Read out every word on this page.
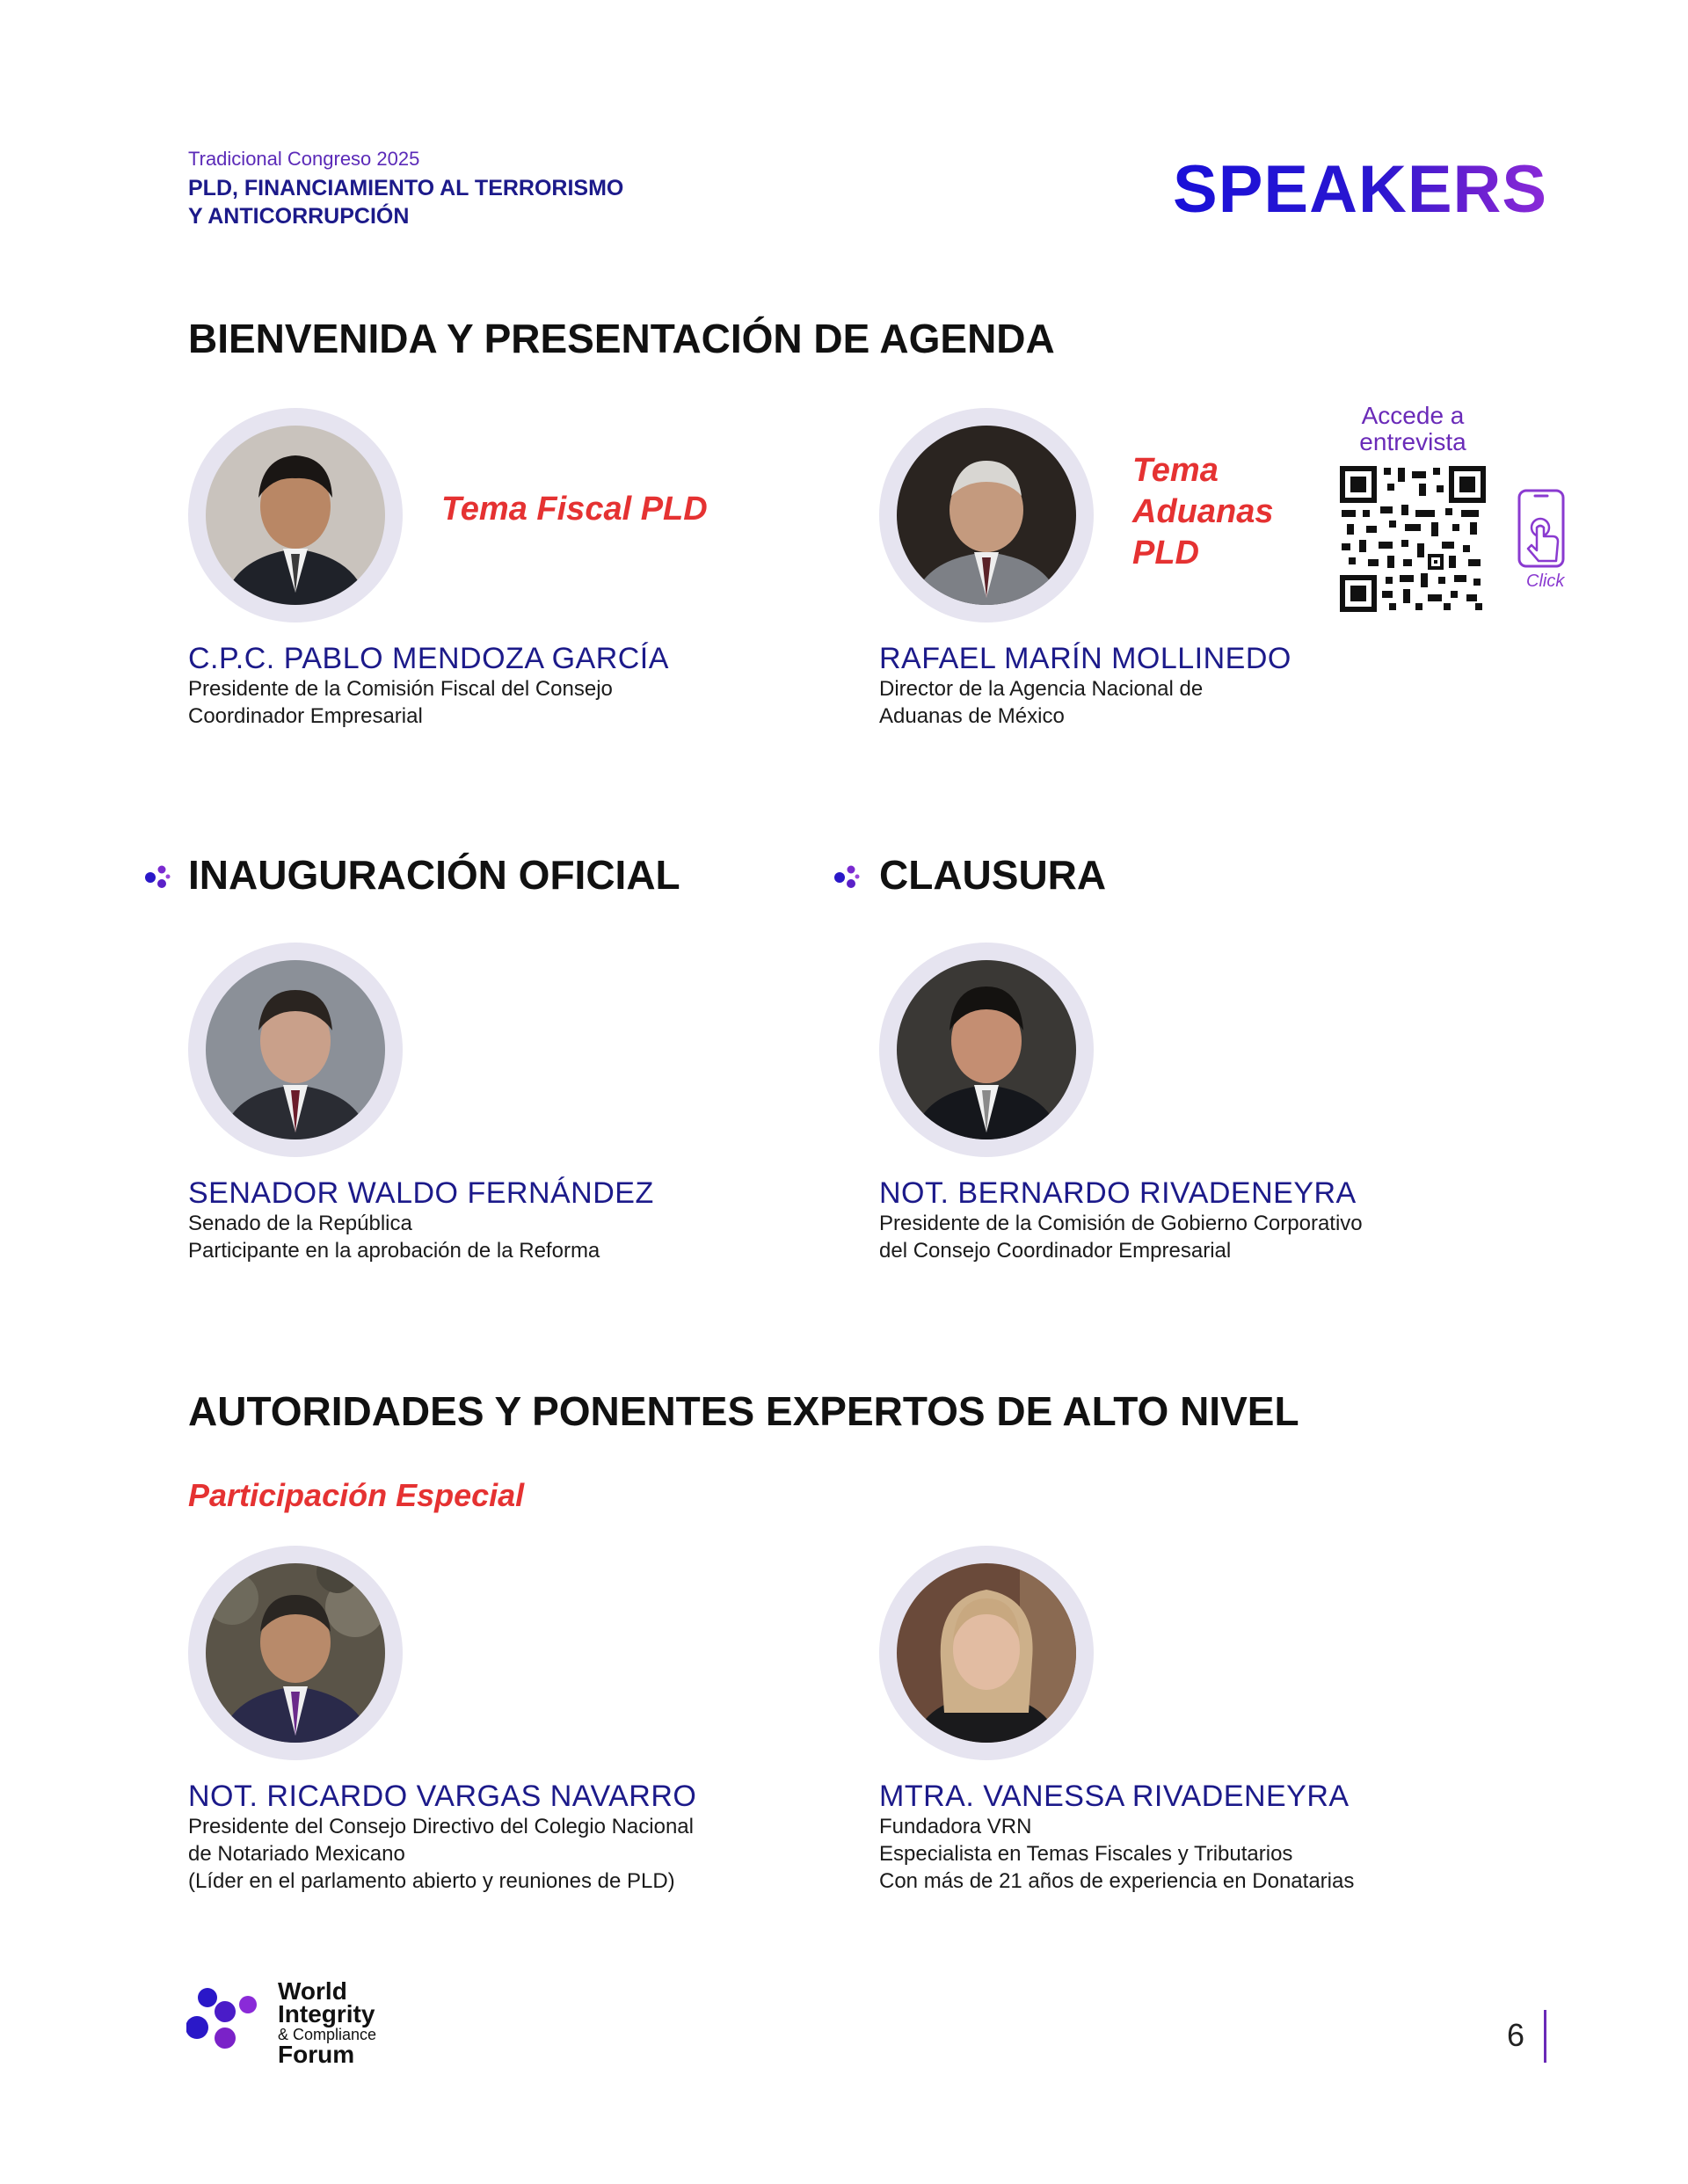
Tradicional Congreso 2025
PLD, FINANCIAMIENTO AL TERRORISMO
Y ANTICORRUPCIÓN	SPEAKERS
BIENVENIDA Y PRESENTACIÓN DE AGENDA
Tema Fiscal PLD
C.P.C. PABLO MENDOZA GARCÍA
Presidente de la Comisión Fiscal del Consejo
Coordinador Empresarial
Tema
Aduanas
PLD
Accede a
entrevista
Click
RAFAEL MARÍN MOLLINEDO
Director de la Agencia Nacional de
Aduanas de México
INAUGURACIÓN OFICIAL	CLAUSURA
SENADOR WALDO FERNÁNDEZ
Senado de la República
Participante en la aprobación de la Reforma
NOT. BERNARDO RIVADENEYRA
Presidente de la Comisión de Gobierno Corporativo
del Consejo Coordinador Empresarial
AUTORIDADES Y PONENTES EXPERTOS DE ALTO NIVEL
Participación Especial
NOT. RICARDO VARGAS NAVARRO
Presidente del Consejo Directivo del Colegio Nacional
de Notariado Mexicano
(Líder en el parlamento abierto y reuniones de PLD)
MTRA. VANESSA RIVADENEYRA
Fundadora VRN
Especialista en Temas Fiscales y Tributarios
Con más de 21 años de experiencia en Donatarias
World
Integrity
& Compliance
Forum
6
